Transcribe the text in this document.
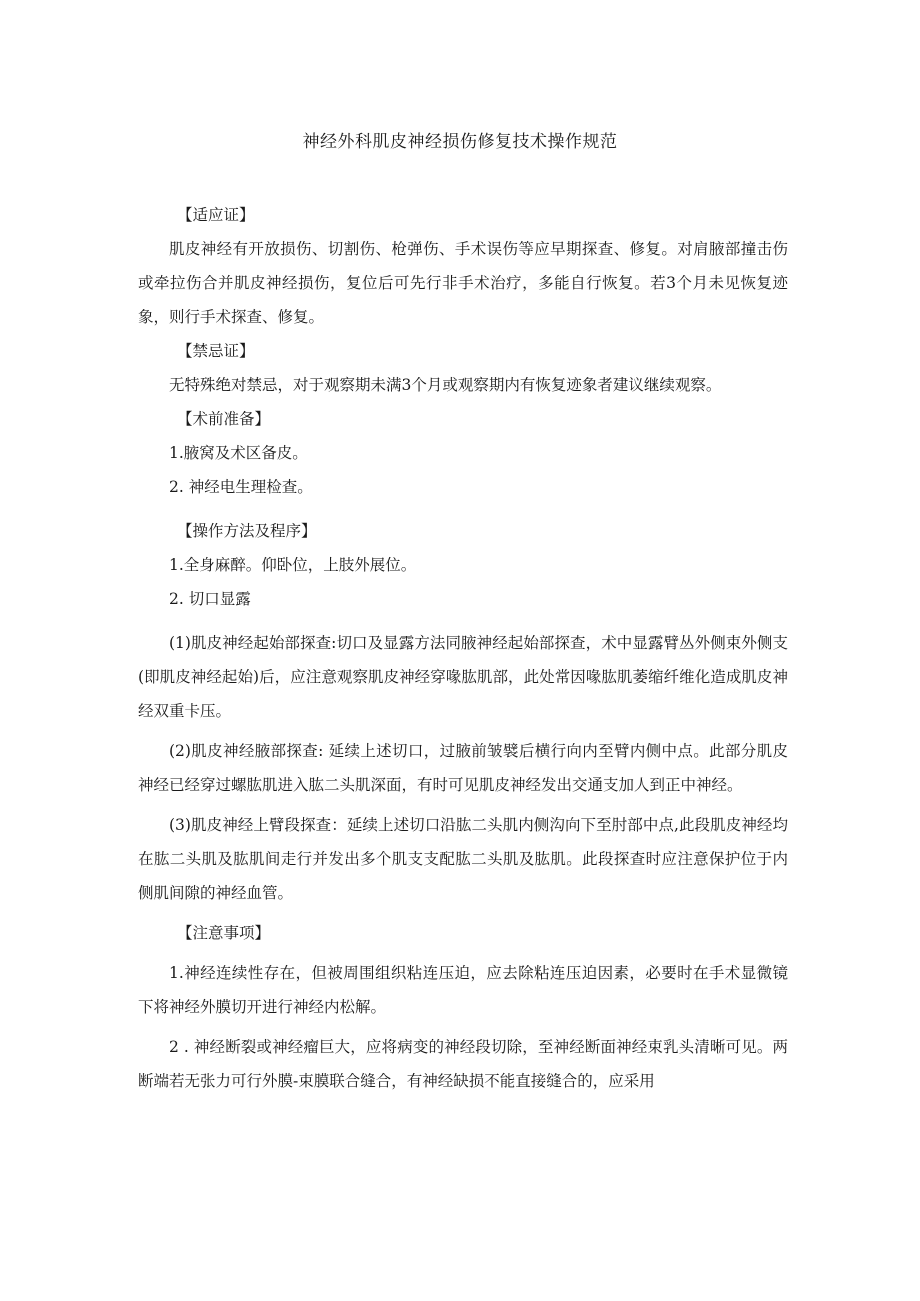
神经外科肌皮神经损伤修复技术操作规范

【适应证】

肌皮神经有开放损伤、切割伤、枪弹伤、手术误伤等应早期探查、修复。对肩腋部撞击伤或牵拉伤合并肌皮神经损伤，复位后可先行非手术治疗，多能自行恢复。若3个月未见恢复迹象，则行手术探查、修复。

【禁忌证】

无特殊绝对禁忌，对于观察期未满3个月或观察期内有恢复迹象者建议继续观察。

【术前准备】

1.腋窝及术区备皮。

2. 神经电生理检查。

【操作方法及程序】

1.全身麻醉。仰卧位，上肢外展位。

2. 切口显露

(1)肌皮神经起始部探查:切口及显露方法同腋神经起始部探查，术中显露臂丛外侧束外侧支(即肌皮神经起始)后，应注意观察肌皮神经穿喙肱肌部，此处常因喙肱肌萎缩纤维化造成肌皮神经双重卡压。

(2)肌皮神经腋部探查: 延续上述切口，过腋前皱襞后横行向内至臂内侧中点。此部分肌皮神经已经穿过螺肱肌进入肱二头肌深面，有时可见肌皮神经发出交通支加人到正中神经。

(3)肌皮神经上臂段探查：延续上述切口沿肱二头肌内侧沟向下至肘部中点,此段肌皮神经均在肱二头肌及肱肌间走行并发出多个肌支支配肱二头肌及肱肌。此段探查时应注意保护位于内侧肌间隙的神经血管。

【注意事项】

1.神经连续性存在，但被周围组织粘连压迫，应去除粘连压迫因素，必要时在手术显微镜下将神经外膜切开进行神经内松解。

2 . 神经断裂或神经瘤巨大，应将病变的神经段切除，至神经断面神经束乳头清晰可见。两断端若无张力可行外膜-束膜联合缝合，有神经缺损不能直接缝合的，应采用
